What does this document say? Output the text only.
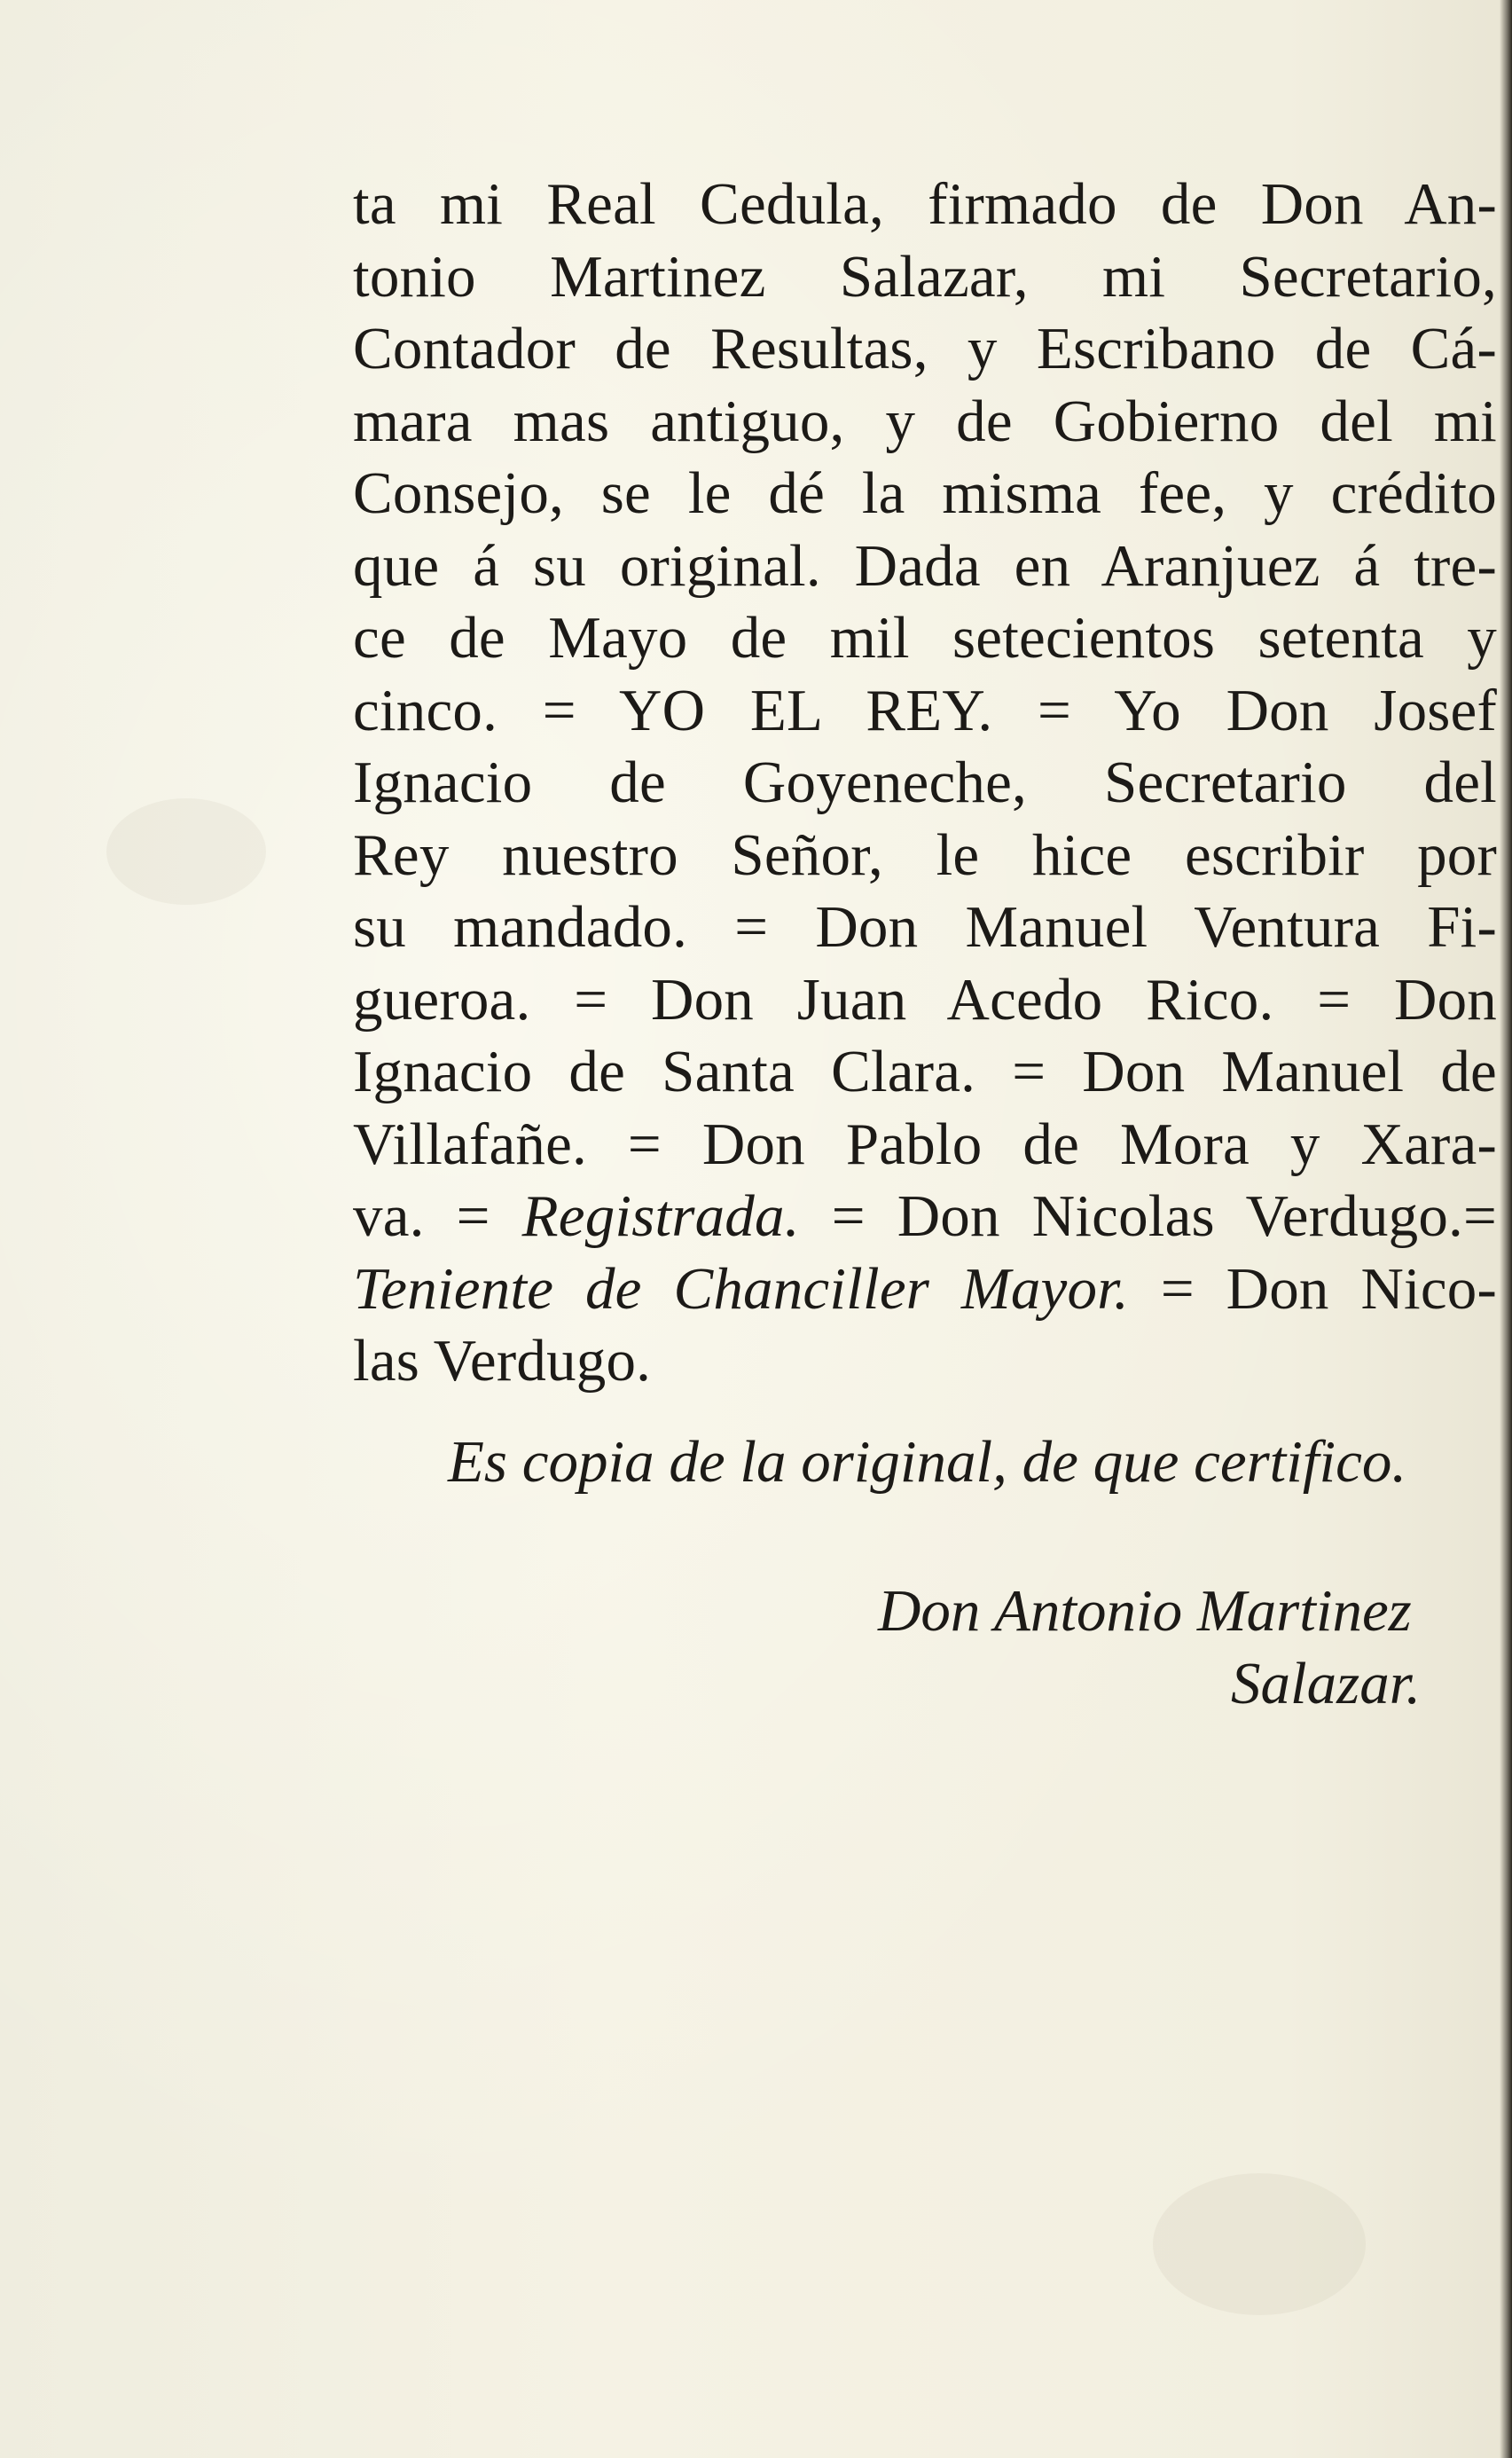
ta mi Real Cedula, firmado de Don An-
tonio Martinez Salazar, mi Secretario,
Contador de Resultas, y Escribano de Cá-
mara mas antiguo, y de Gobierno del mi
Consejo, se le dé la misma fee, y crédito
que á su original. Dada en Aranjuez á tre-
ce de Mayo de mil setecientos setenta y
cinco. = YO EL REY. = Yo Don Josef
Ignacio de Goyeneche, Secretario del
Rey nuestro Señor, le hice escribir por
su mandado. = Don Manuel Ventura Fi-
gueroa. = Don Juan Acedo Rico. = Don
Ignacio de Santa Clara. = Don Manuel de
Villafañe. = Don Pablo de Mora y Xara-
va. = Registrada. = Don Nicolas Verdugo.=
Teniente de Chanciller Mayor. = Don Nico-
las Verdugo.
Es copia de la original, de que certifico.
Don Antonio Martinez
Salazar.
